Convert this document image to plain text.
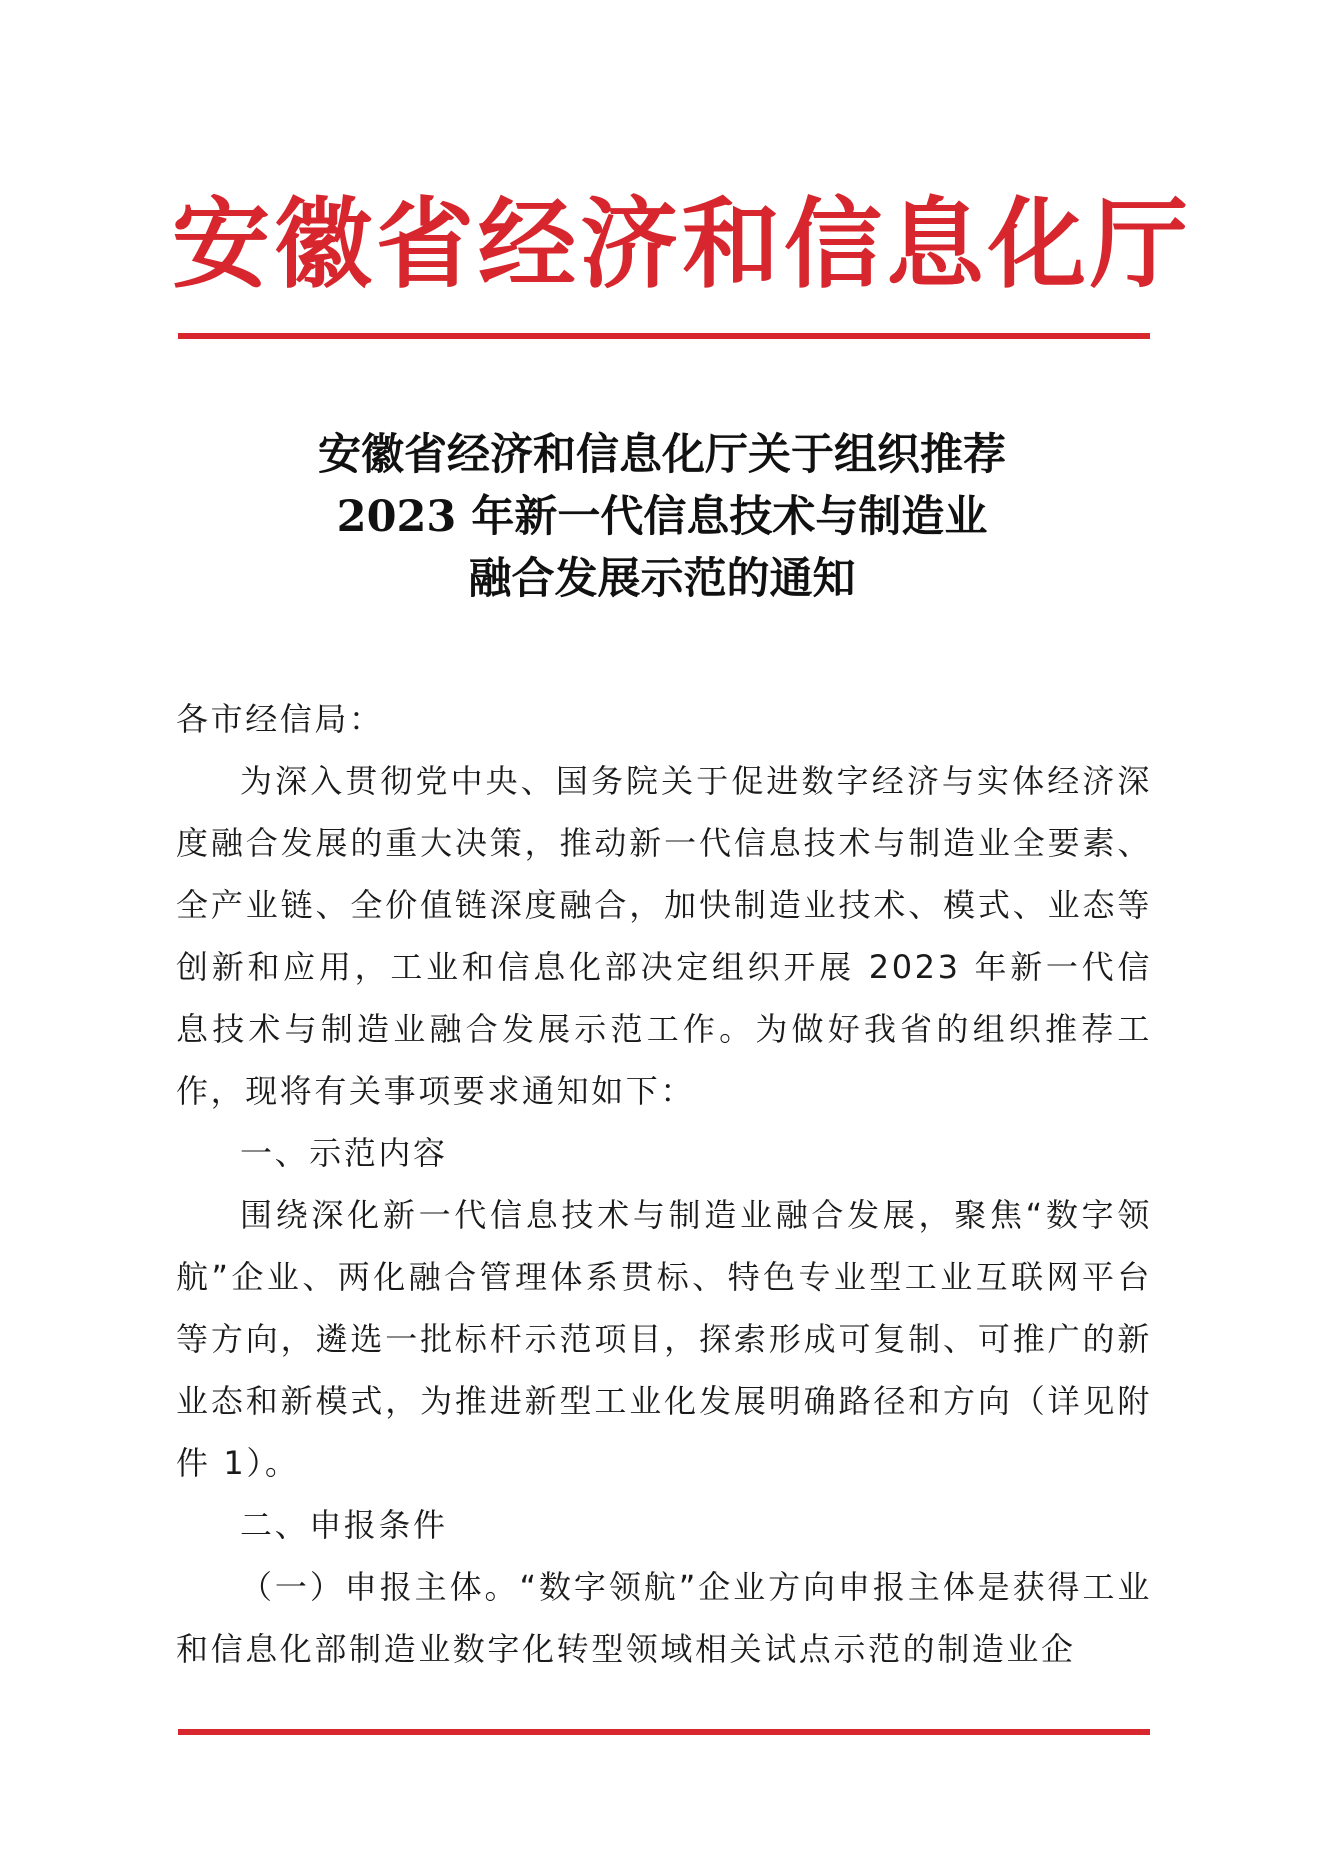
安徽省经济和信息化厅
安徽省经济和信息化厅关于组织推荐
2023 年新一代信息技术与制造业
融合发展示范的通知

各市经信局：

为深入贯彻党中央、国务院关于促进数字经济与实体经济深度融合发展的重大决策，推动新一代信息技术与制造业全要素、全产业链、全价值链深度融合，加快制造业技术、模式、业态等创新和应用，工业和信息化部决定组织开展 2023 年新一代信息技术与制造业融合发展示范工作。为做好我省的组织推荐工作，现将有关事项要求通知如下：

一、示范内容

围绕深化新一代信息技术与制造业融合发展，聚焦“数字领航”企业、两化融合管理体系贯标、特色专业型工业互联网平台等方向，遴选一批标杆示范项目，探索形成可复制、可推广的新业态和新模式，为推进新型工业化发展明确路径和方向（详见附件 1）。

二、申报条件

（一）申报主体。“数字领航”企业方向申报主体是获得工业和信息化部制造业数字化转型领域相关试点示范的制造业企
